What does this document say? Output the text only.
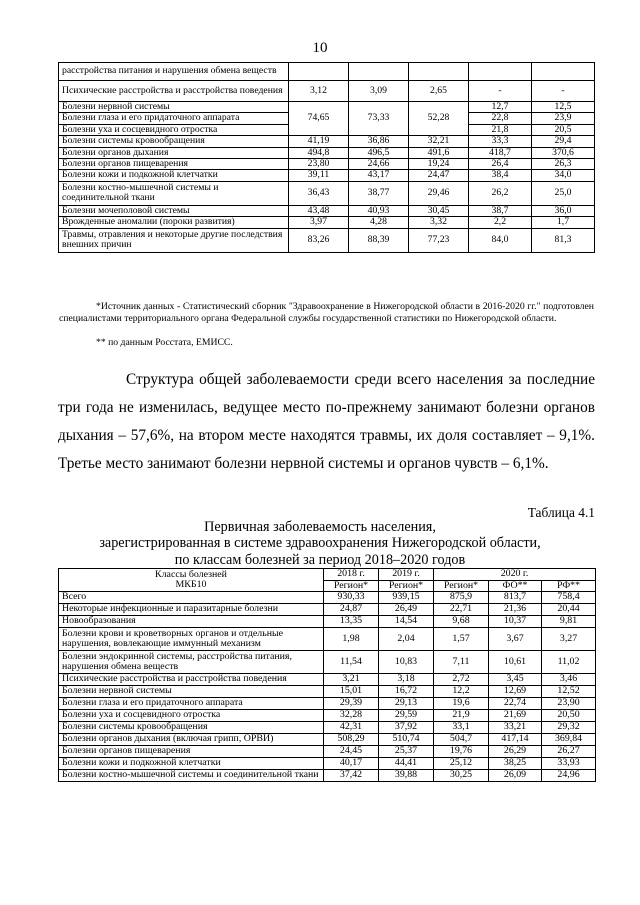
10
расстройства питания и нарушения обмена веществ					
Психические расстройства и расстройства поведения	3,12	3,09	2,65	-	-
Болезни нервной системы	74,65	73,33	52,28	12,7	12,5
Болезни глаза и его придаточного аппарата				22,8	23,9
Болезни уха и сосцевидного отростка				21,8	20,5
Болезни системы кровообращения	41,19	36,86	32,21	33,3	29,4
Болезни органов дыхания	494,8	496,5	491,6	418,7	370,6
Болезни органов пищеварения	23,80	24,66	19,24	26,4	26,3
Болезни кожи и подкожной клетчатки	39,11	43,17	24,47	38,4	34,0
Болезни костно-мышечной системы и соединительной ткани	36,43	38,77	29,46	26,2	25,0
Болезни мочеполовой системы	43,48	40,93	30,45	38,7	36,0
Врожденные аномалии (пороки развития)	3,97	4,28	3,32	2,2	1,7
Травмы, отравления и некоторые другие последствия внешних причин	83,26	88,39	77,23	84,0	81,3
*Источник данных - Статистический сборник "Здравоохранение в Нижегородской области в 2016-2020 гг." подготовлен специалистами территориального органа Федеральной службы государственной статистики по Нижегородской области.
** по данным Росстата, ЕМИСС.
Структура общей заболеваемости среди всего населения за последние три года не изменилась, ведущее место по-прежнему занимают болезни органов дыхания – 57,6%, на втором месте находятся травмы, их доля составляет – 9,1%. Третье место занимают болезни нервной системы и органов чувств – 6,1%.
Таблица 4.1
Первичная заболеваемость населения,
зарегистрированная в системе здравоохранения Нижегородской области,
по классам болезней за период 2018–2020 годов
Классы болезней
МКБ10	2018 г.	2019 г.	2020 г.		
	Регион*	Регион*	Регион*	ФО**	РФ**
Всего	930,33	939,15	875,9	813,7	758,4
Некоторые инфекционные и паразитарные болезни	24,87	26,49	22,71	21,36	20,44
Новообразования	13,35	14,54	9,68	10,37	9,81
Болезни крови и кроветворных органов и отдельные нарушения, вовлекающие иммунный механизм	1,98	2,04	1,57	3,67	3,27
Болезни эндокринной системы, расстройства питания, нарушения обмена веществ	11,54	10,83	7,11	10,61	11,02
Психические расстройства и расстройства поведения	3,21	3,18	2,72	3,45	3,46
Болезни нервной системы	15,01	16,72	12,2	12,69	12,52
Болезни глаза и его придаточного аппарата	29,39	29,13	19,6	22,74	23,90
Болезни уха и сосцевидного отростка	32,28	29,59	21,9	21,69	20,50
Болезни системы кровообращения	42,31	37,92	33,1	33,21	29,32
Болезни органов дыхания (включая грипп, ОРВИ)	508,29	510,74	504,7	417,14	369,84
Болезни органов пищеварения	24,45	25,37	19,76	26,29	26,27
Болезни кожи и подкожной клетчатки	40,17	44,41	25,12	38,25	33,93
Болезни костно-мышечной системы и соединительной ткани	37,42	39,88	30,25	26,09	24,96
